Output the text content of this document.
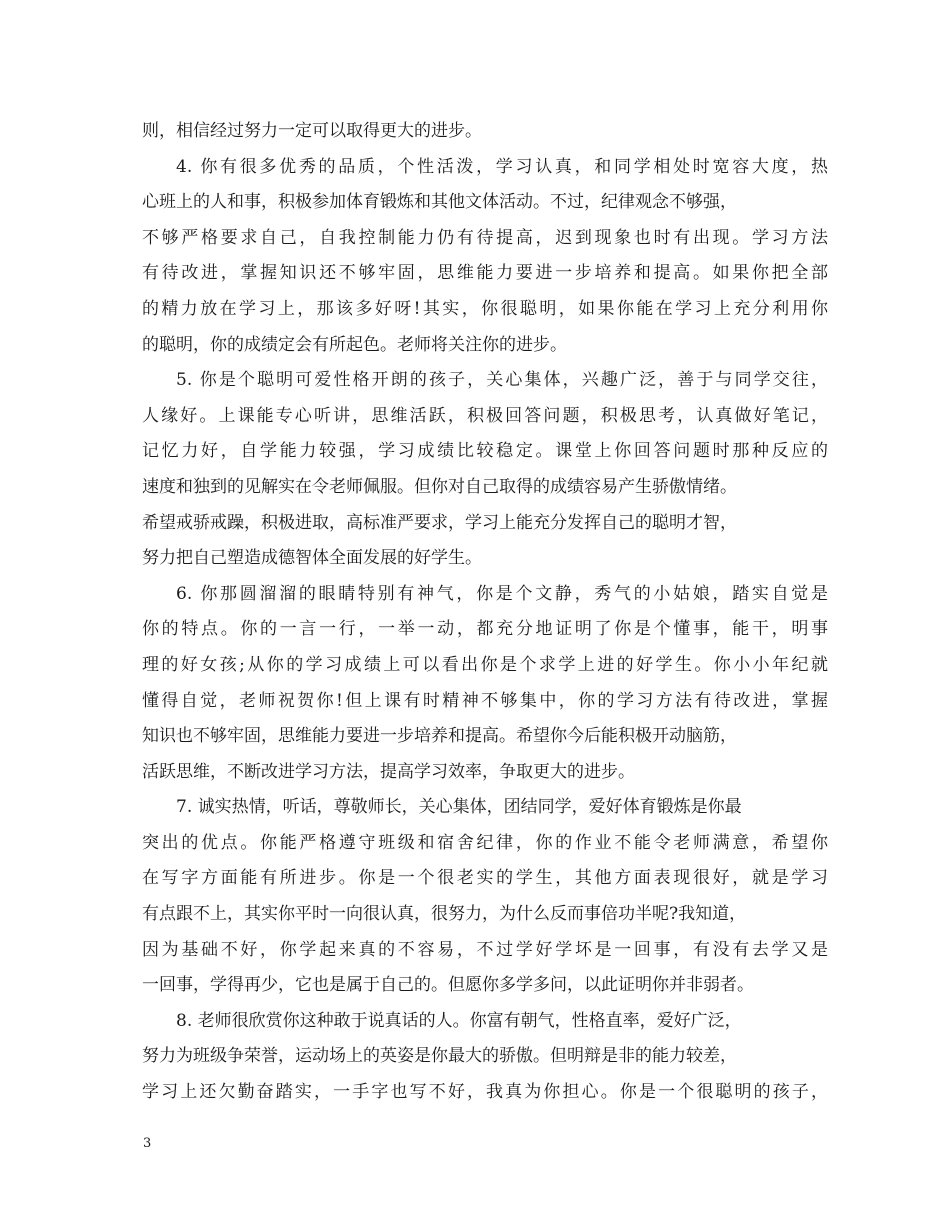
则，相信经过努力一定可以取得更大的进步。
4. 你有很多优秀的品质，个性活泼，学习认真，和同学相处时宽容大度，热
心班上的人和事，积极参加体育锻炼和其他文体活动。不过，纪律观念不够强，
不够严格要求自己，自我控制能力仍有待提高，迟到现象也时有出现。学习方法
有待改进，掌握知识还不够牢固，思维能力要进一步培养和提高。如果你把全部
的精力放在学习上，那该多好呀!其实，你很聪明，如果你能在学习上充分利用你
的聪明，你的成绩定会有所起色。老师将关注你的进步。
5. 你是个聪明可爱性格开朗的孩子，关心集体，兴趣广泛，善于与同学交往，
人缘好。上课能专心听讲，思维活跃，积极回答问题，积极思考，认真做好笔记，
记忆力好，自学能力较强，学习成绩比较稳定。课堂上你回答问题时那种反应的
速度和独到的见解实在令老师佩服。但你对自己取得的成绩容易产生骄傲情绪。
希望戒骄戒躁，积极进取，高标准严要求，学习上能充分发挥自己的聪明才智，
努力把自己塑造成德智体全面发展的好学生。
6. 你那圆溜溜的眼睛特别有神气，你是个文静，秀气的小姑娘，踏实自觉是
你的特点。你的一言一行，一举一动，都充分地证明了你是个懂事，能干，明事
理的好女孩;从你的学习成绩上可以看出你是个求学上进的好学生。你小小年纪就
懂得自觉，老师祝贺你!但上课有时精神不够集中，你的学习方法有待改进，掌握
知识也不够牢固，思维能力要进一步培养和提高。希望你今后能积极开动脑筋，
活跃思维，不断改进学习方法，提高学习效率，争取更大的进步。
7. 诚实热情，听话，尊敬师长，关心集体，团结同学，爱好体育锻炼是你最
突出的优点。你能严格遵守班级和宿舍纪律，你的作业不能令老师满意，希望你
在写字方面能有所进步。你是一个很老实的学生，其他方面表现很好，就是学习
有点跟不上，其实你平时一向很认真，很努力，为什么反而事倍功半呢?我知道，
因为基础不好，你学起来真的不容易，不过学好学坏是一回事，有没有去学又是
一回事，学得再少，它也是属于自己的。但愿你多学多问，以此证明你并非弱者。
8. 老师很欣赏你这种敢于说真话的人。你富有朝气，性格直率，爱好广泛，
努力为班级争荣誉，运动场上的英姿是你最大的骄傲。但明辩是非的能力较差，
学习上还欠勤奋踏实，一手字也写不好，我真为你担心。你是一个很聪明的孩子，
3
